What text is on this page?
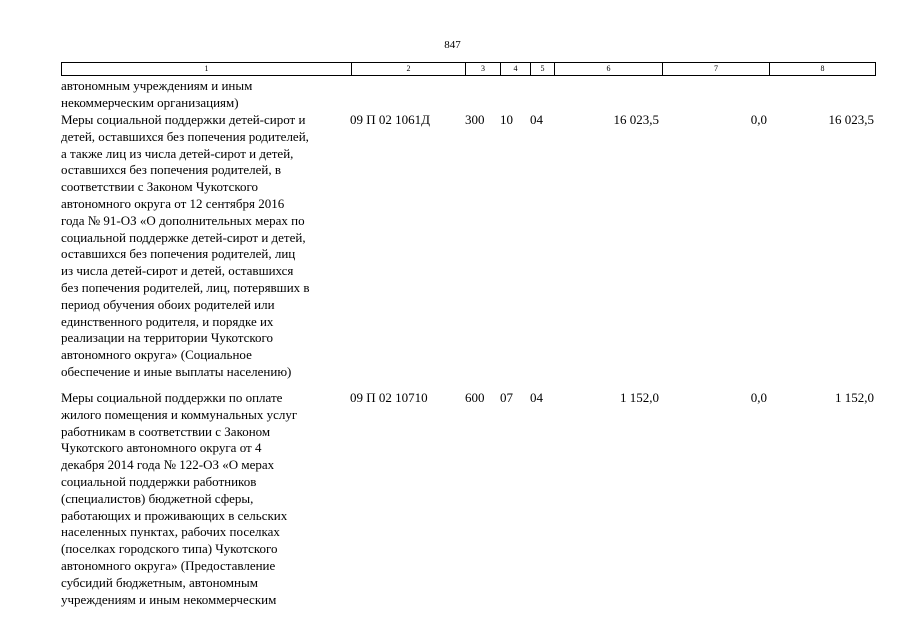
847
1	2	3	4	5	6	7	8
автономным учреждениям и иным
некоммерческим организациям)
Меры социальной поддержки детей-сирот и
детей, оставшихся без попечения родителей,
а также лиц из числа детей-сирот и детей,
оставшихся без попечения родителей, в
соответствии с Законом Чукотского
автономного округа от 12 сентября 2016
года № 91-ОЗ «О дополнительных мерах по
социальной поддержке детей-сирот и детей,
оставшихся без попечения родителей, лиц
из числа детей-сирот и детей, оставшихся
без попечения родителей, лиц, потерявших в
период обучения обоих родителей или
единственного родителя, и порядке их
реализации на территории Чукотского
автономного округа» (Социальное
обеспечение и иные выплаты населению)
09 П 02 1061Д	300	10	04	16 023,5	0,0	16 023,5
Меры социальной поддержки по оплате
жилого помещения и коммунальных услуг
работникам в соответствии с Законом
Чукотского автономного округа от 4
декабря 2014 года № 122-ОЗ «О мерах
социальной поддержки работников
(специалистов) бюджетной сферы,
работающих и проживающих в сельских
населенных пунктах, рабочих поселках
(поселках городского типа) Чукотского
автономного округа» (Предоставление
субсидий бюджетным, автономным
учреждениям и иным некоммерческим
09 П 02 10710	600	07	04	1 152,0	0,0	1 152,0
